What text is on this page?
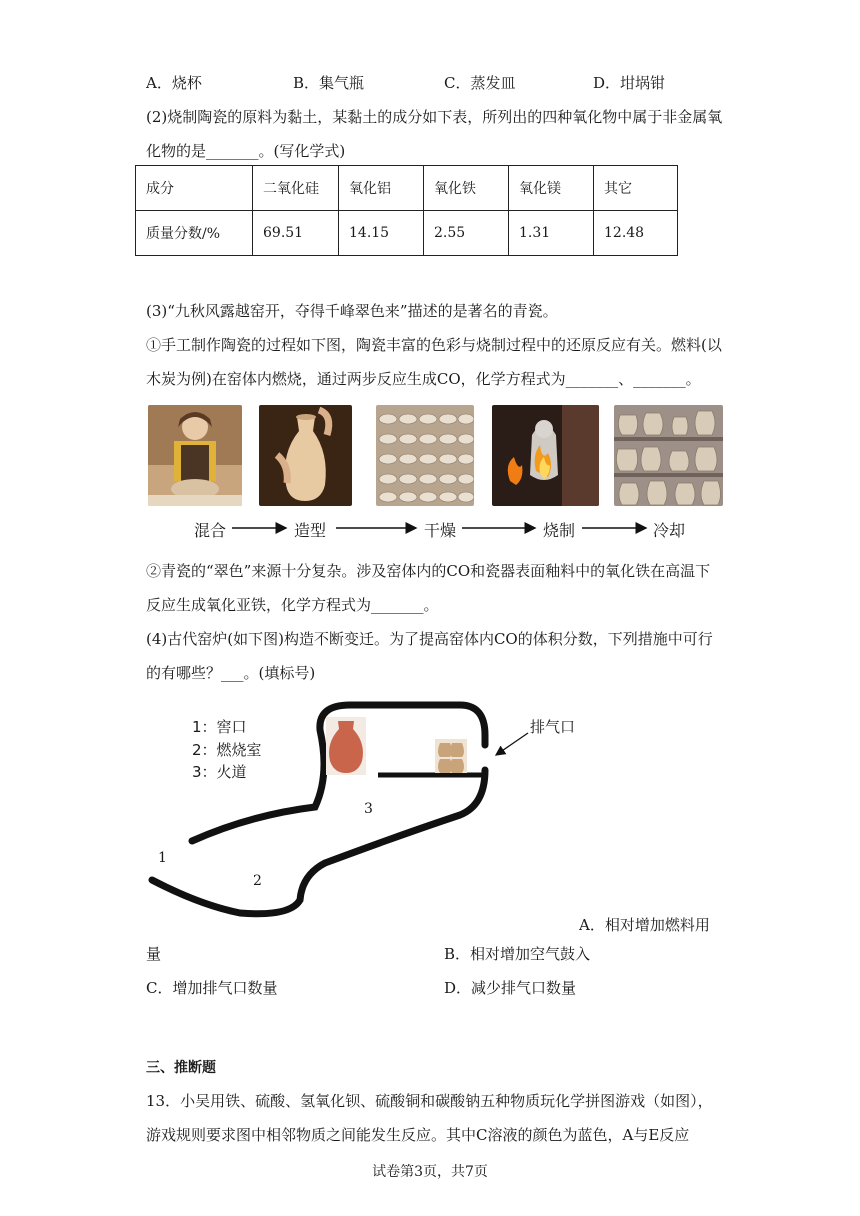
A．烧杯	B．集气瓶	C．蒸发皿	D．坩埚钳
(2)烧制陶瓷的原料为黏土，某黏土的成分如下表，所列出的四种氧化物中属于非金属氧
化物的是_______。(写化学式)
成分	二氧化硅	氧化铝	氧化铁	氧化镁	其它
质量分数/%	69.51	14.15	2.55	1.31	12.48
(3)“九秋风露越窑开，夺得千峰翠色来”描述的是著名的青瓷。
①手工制作陶瓷的过程如下图，陶瓷丰富的色彩与烧制过程中的还原反应有关。燃料(以
木炭为例)在窑体内燃烧，通过两步反应生成CO，化学方程式为_______、_______。
混合	造型	干燥	烧制	冷却
②青瓷的“翠色”来源十分复杂。涉及窑体内的CO和瓷器表面釉料中的氧化铁在高温下
反应生成氧化亚铁，化学方程式为_______。
(4)古代窑炉(如下图)构造不断变迁。为了提高窑体内CO的体积分数，下列措施中可行
的有哪些？___。(填标号)
1：窖口
2：燃烧室
3：火道
排气口
1
2
3
A．相对增加燃料用
量	B．相对增加空气鼓入
C．增加排气口数量	D．减少排气口数量
三、推断题
13．小吴用铁、硫酸、氢氧化钡、硫酸铜和碳酸钠五种物质玩化学拼图游戏（如图），
游戏规则要求图中相邻物质之间能发生反应。其中C溶液的颜色为蓝色，A与E反应
试卷第3页，共7页
